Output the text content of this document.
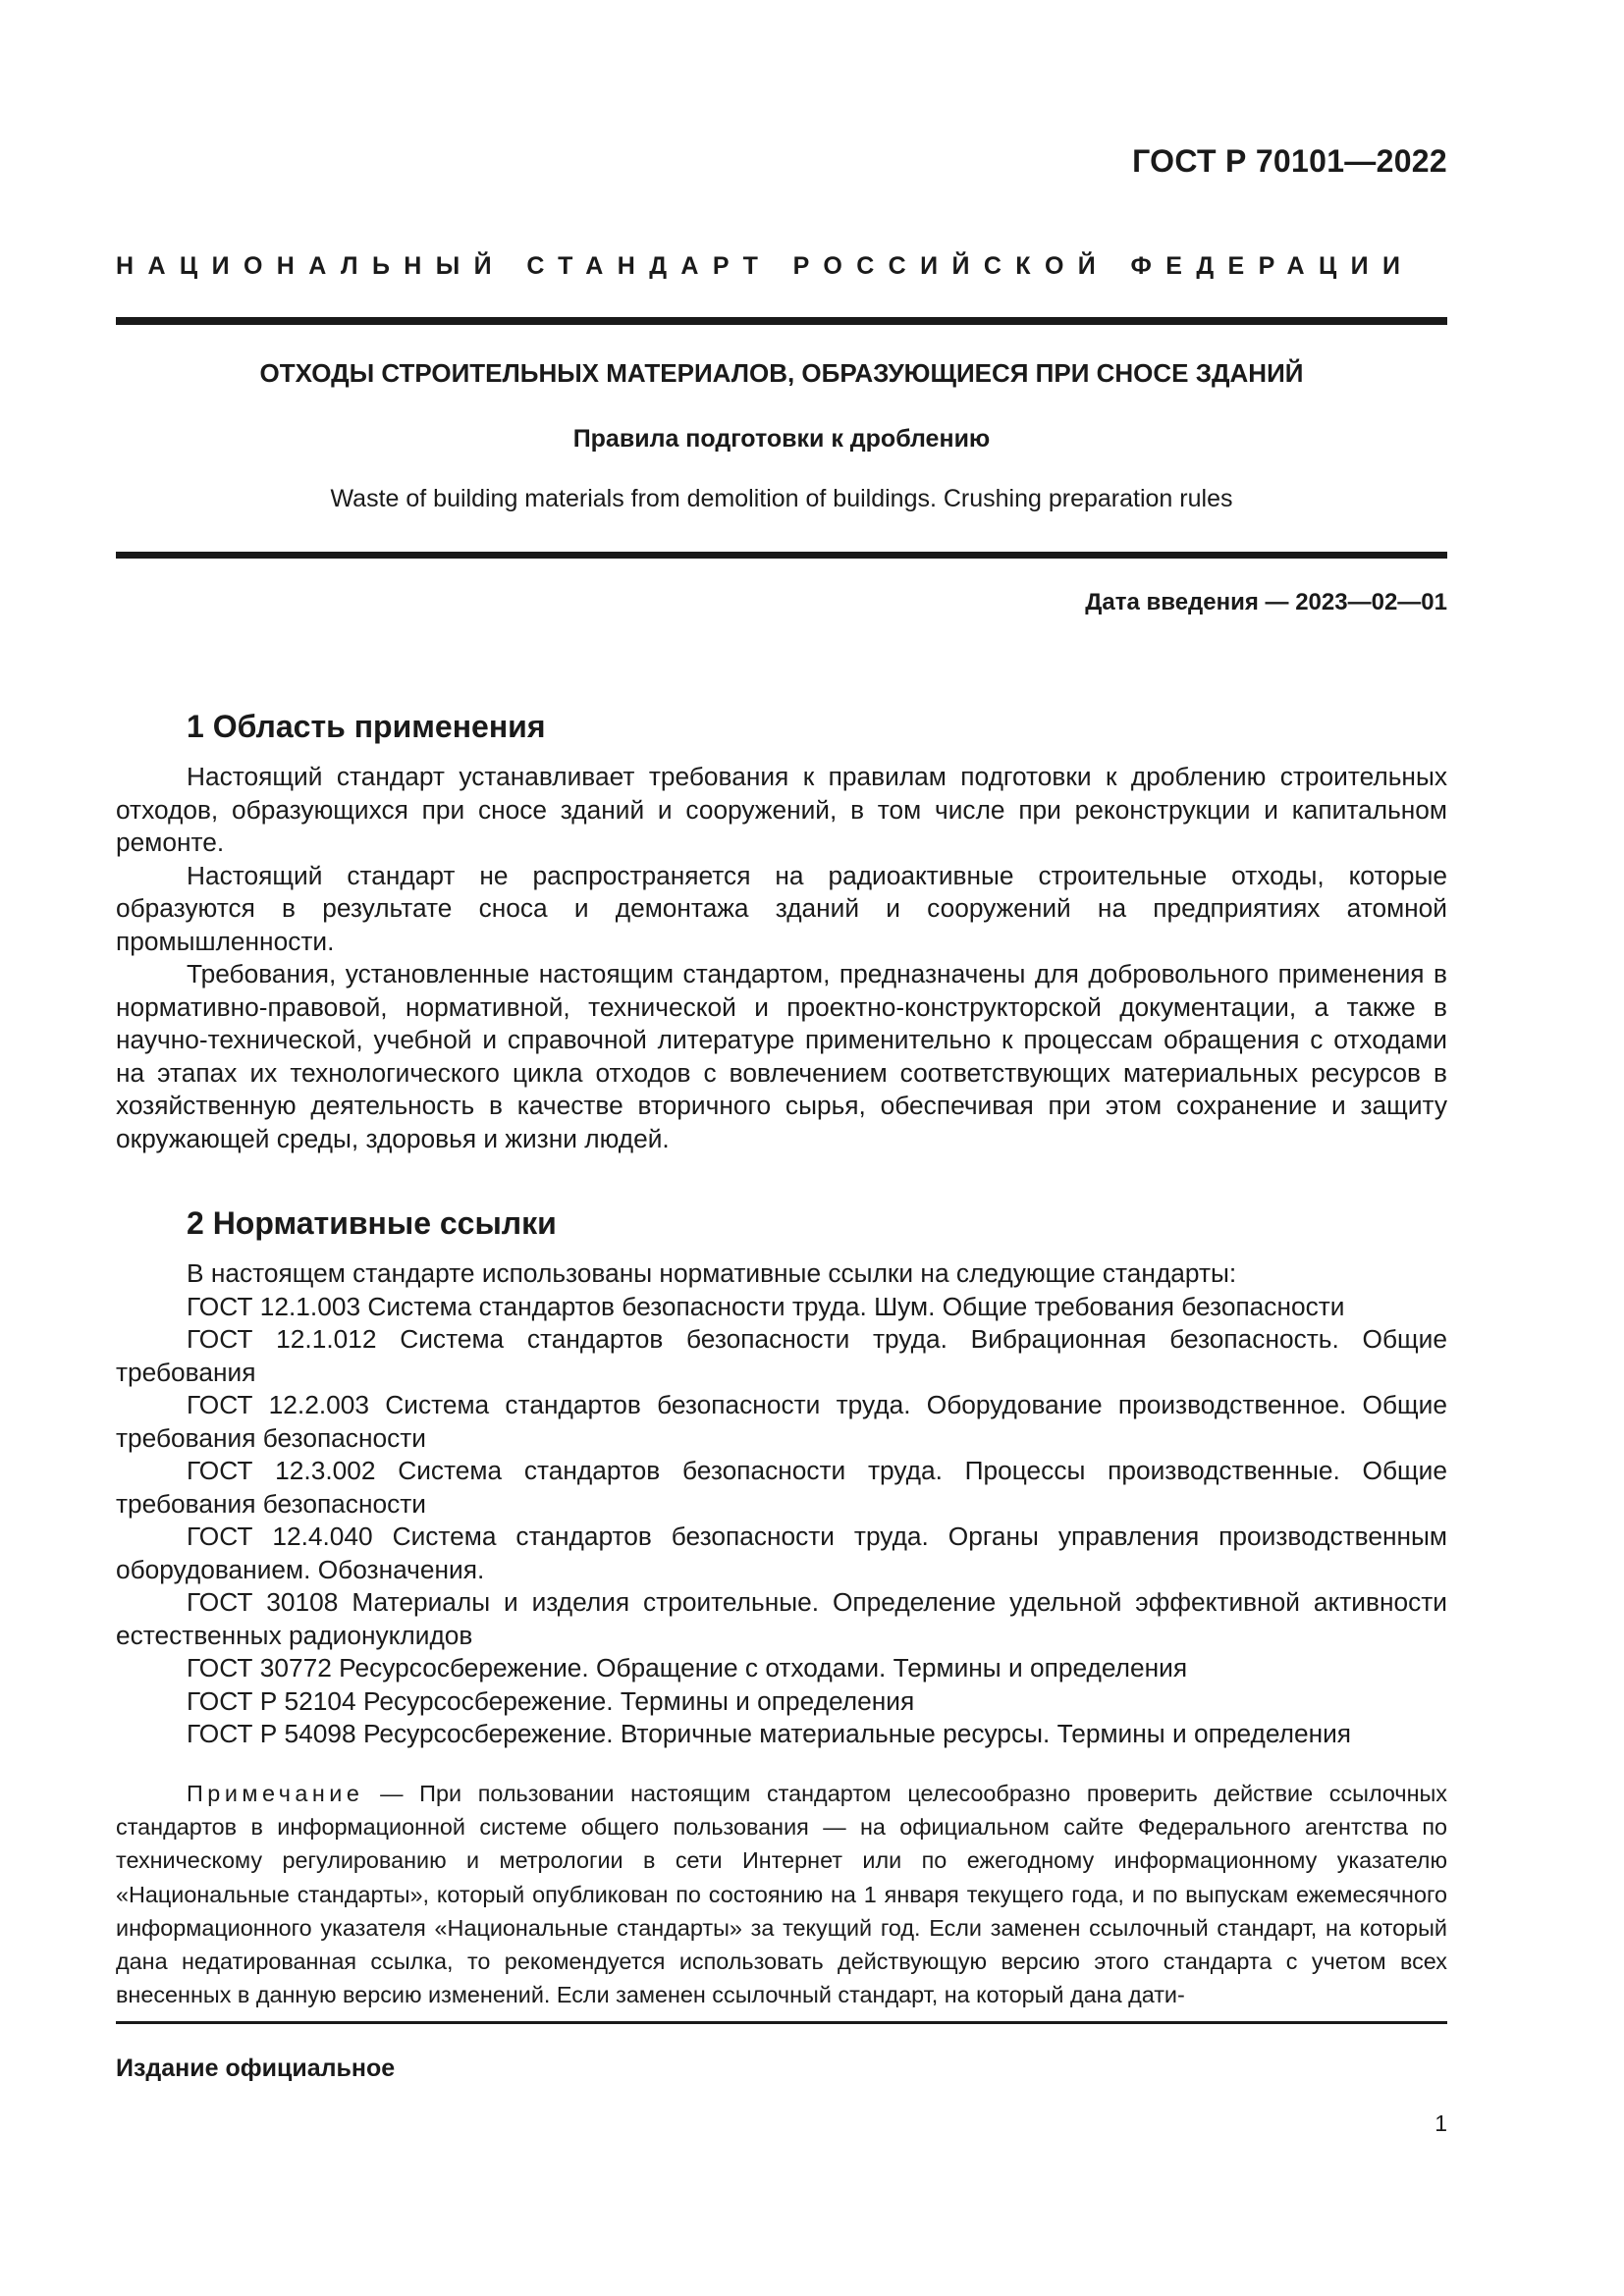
ГОСТ Р 70101—2022
НАЦИОНАЛЬНЫЙ СТАНДАРТ РОССИЙСКОЙ ФЕДЕРАЦИИ
ОТХОДЫ СТРОИТЕЛЬНЫХ МАТЕРИАЛОВ, ОБРАЗУЮЩИЕСЯ ПРИ СНОСЕ ЗДАНИЙ
Правила подготовки к дроблению
Waste of building materials from demolition of buildings. Crushing preparation rules
Дата введения — 2023—02—01
1 Область применения

Настоящий стандарт устанавливает требования к правилам подготовки к дроблению строительных отходов, образующихся при сносе зданий и сооружений, в том числе при реконструкции и капитальном ремонте.

Настоящий стандарт не распространяется на радиоактивные строительные отходы, которые образуются в результате сноса и демонтажа зданий и сооружений на предприятиях атомной промышленности.

Требования, установленные настоящим стандартом, предназначены для добровольного применения в нормативно-правовой, нормативной, технической и проектно-конструкторской документации, а также в научно-технической, учебной и справочной литературе применительно к процессам обращения с отходами на этапах их технологического цикла отходов с вовлечением соответствующих материальных ресурсов в хозяйственную деятельность в качестве вторичного сырья, обеспечивая при этом сохранение и защиту окружающей среды, здоровья и жизни людей.

2 Нормативные ссылки

В настоящем стандарте использованы нормативные ссылки на следующие стандарты:

ГОСТ 12.1.003 Система стандартов безопасности труда. Шум. Общие требования безопасности

ГОСТ 12.1.012 Система стандартов безопасности труда. Вибрационная безопасность. Общие требования

ГОСТ 12.2.003 Система стандартов безопасности труда. Оборудование производственное. Общие требования безопасности

ГОСТ 12.3.002 Система стандартов безопасности труда. Процессы производственные. Общие требования безопасности

ГОСТ 12.4.040 Система стандартов безопасности труда. Органы управления производственным оборудованием. Обозначения.

ГОСТ 30108 Материалы и изделия строительные. Определение удельной эффективной активности естественных радионуклидов

ГОСТ 30772 Ресурсосбережение. Обращение с отходами. Термины и определения

ГОСТ Р 52104 Ресурсосбережение. Термины и определения

ГОСТ Р 54098 Ресурсосбережение. Вторичные материальные ресурсы. Термины и определения

Примечание — При пользовании настоящим стандартом целесообразно проверить действие ссылочных стандартов в информационной системе общего пользования — на официальном сайте Федерального агентства по техническому регулированию и метрологии в сети Интернет или по ежегодному информационному указателю «Национальные стандарты», который опубликован по состоянию на 1 января текущего года, и по выпускам ежемесячного информационного указателя «Национальные стандарты» за текущий год. Если заменен ссылочный стандарт, на который дана недатированная ссылка, то рекомендуется использовать действующую версию этого стандарта с учетом всех внесенных в данную версию изменений. Если заменен ссылочный стандарт, на который дана дати-
Издание официальное
1
